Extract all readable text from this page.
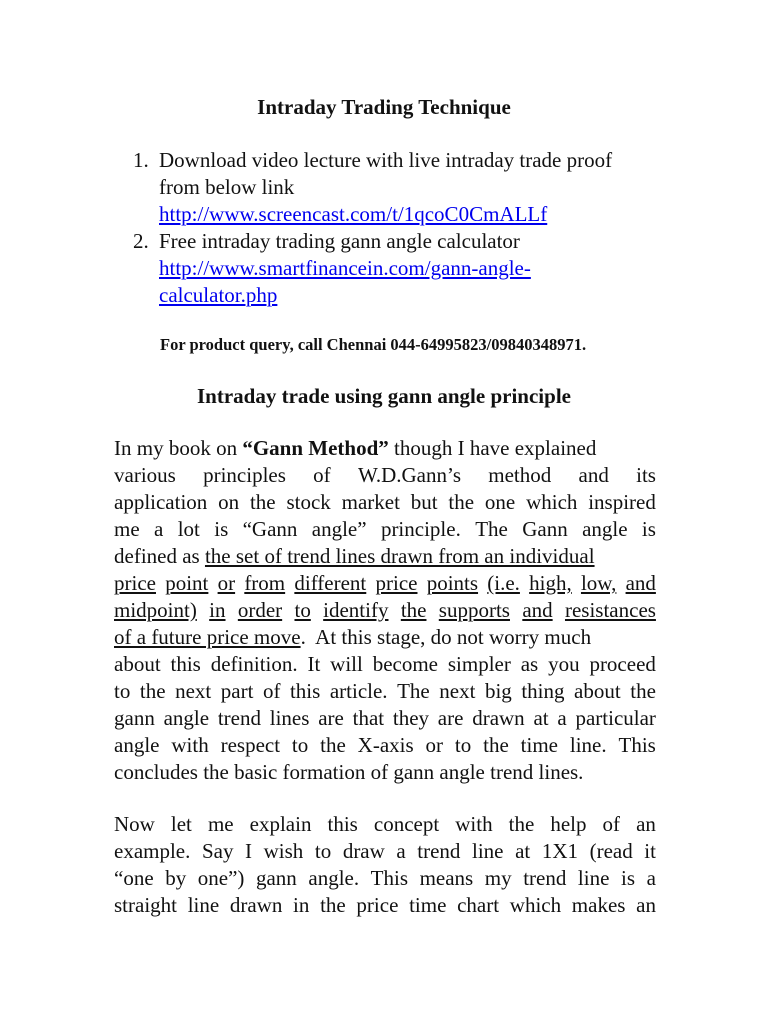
Intraday Trading Technique
1. Download video lecture with live intraday trade proof
from below link
http://www.screencast.com/t/1qcoC0CmALLf
2. Free intraday trading gann angle calculator
http://www.smartfinancein.com/gann-angle-
calculator.php
For product query, call Chennai 044-64995823/09840348971.
Intraday trade using gann angle principle
In my book on “Gann Method” though I have explained
various principles of W.D.Gann’s method and its
application on the stock market but the one which inspired
me a lot is “Gann angle” principle. The Gann angle is
defined as the set of trend lines drawn from an individual
price point or from different price points (i.e. high, low, and
midpoint) in order to identify the supports and resistances
of a future price move.  At this stage, do not worry much
about this definition. It will become simpler as you proceed
to the next part of this article. The next big thing about the
gann angle trend lines are that they are drawn at a particular
angle with respect to the X-axis or to the time line. This
concludes the basic formation of gann angle trend lines.
Now let me explain this concept with the help of an
example. Say I wish to draw a trend line at 1X1 (read it
“one by one”) gann angle. This means my trend line is a
straight line drawn in the price time chart which makes an
